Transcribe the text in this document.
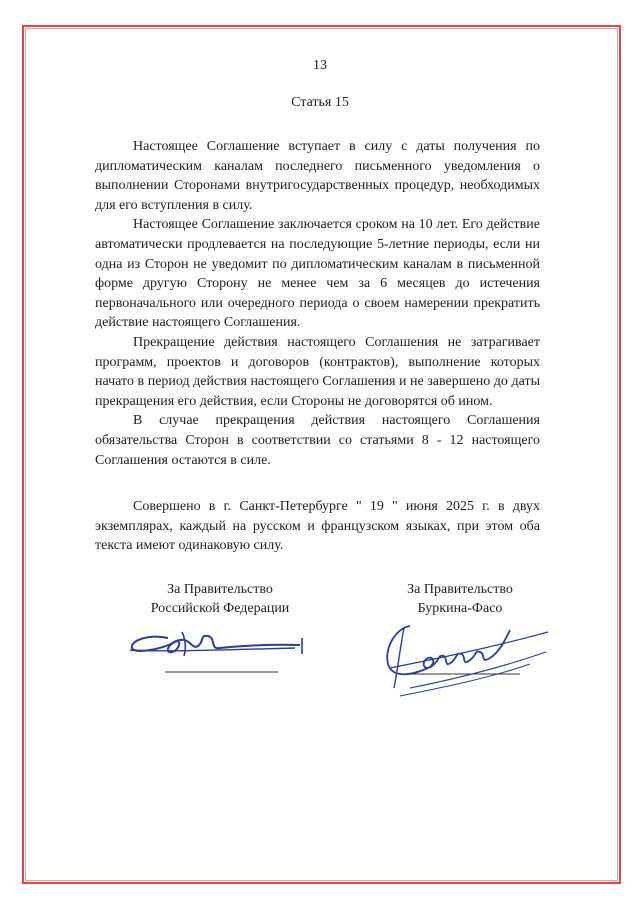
13
Статья 15

Настоящее Соглашение вступает в силу с даты получения по дипломатическим каналам последнего письменного уведомления о выполнении Сторонами внутригосударственных процедур, необходимых для его вступления в силу.

Настоящее Соглашение заключается сроком на 10 лет. Его действие автоматически продлевается на последующие 5-летние периоды, если ни одна из Сторон не уведомит по дипломатическим каналам в письменной форме другую Сторону не менее чем за 6 месяцев до истечения первоначального или очередного периода о своем намерении прекратить действие настоящего Соглашения.

Прекращение действия настоящего Соглашения не затрагивает программ, проектов и договоров (контрактов), выполнение которых начато в период действия настоящего Соглашения и не завершено до даты прекращения его действия, если Стороны не договорятся об ином.

В случае прекращения действия настоящего Соглашения обязательства Сторон в соответствии со статьями 8 - 12 настоящего Соглашения остаются в силе.

Совершено в г. Санкт-Петербурге " 19 " июня 2025 г. в двух экземплярах, каждый на русском и французском языках, при этом оба текста имеют одинаковую силу.

За Правительство
Российской Федерации
За Правительство
Буркина-Фасо
